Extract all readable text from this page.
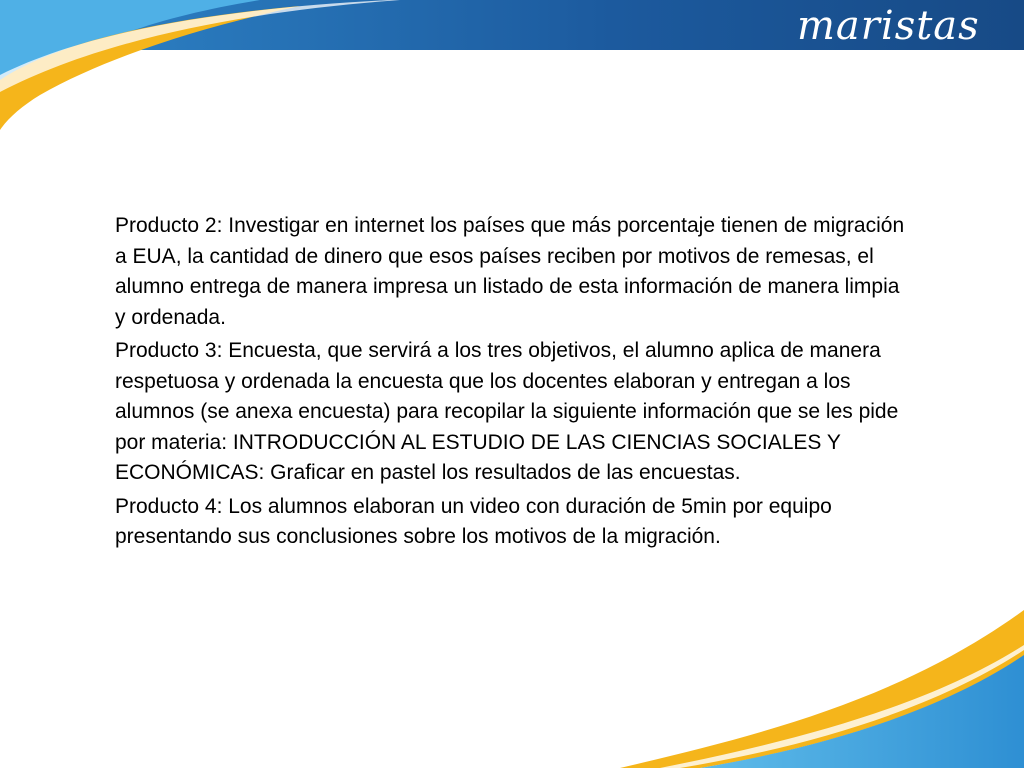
maristas

Producto 2: Investigar en internet los países que más porcentaje tienen de migración a EUA, la cantidad de dinero que esos países reciben por motivos de remesas, el alumno entrega de manera impresa un listado de esta información de manera limpia y ordenada.

Producto 3: Encuesta, que servirá a los tres objetivos, el alumno aplica de manera respetuosa y ordenada la encuesta que los docentes elaboran y entregan a los alumnos (se anexa encuesta) para recopilar la siguiente información que se les pide por materia: INTRODUCCIÓN AL ESTUDIO DE LAS CIENCIAS SOCIALES Y ECONÓMICAS: Graficar en pastel los resultados de las encuestas.

Producto 4: Los alumnos elaboran un video con duración de 5min por equipo presentando sus conclusiones sobre los motivos de la migración.
